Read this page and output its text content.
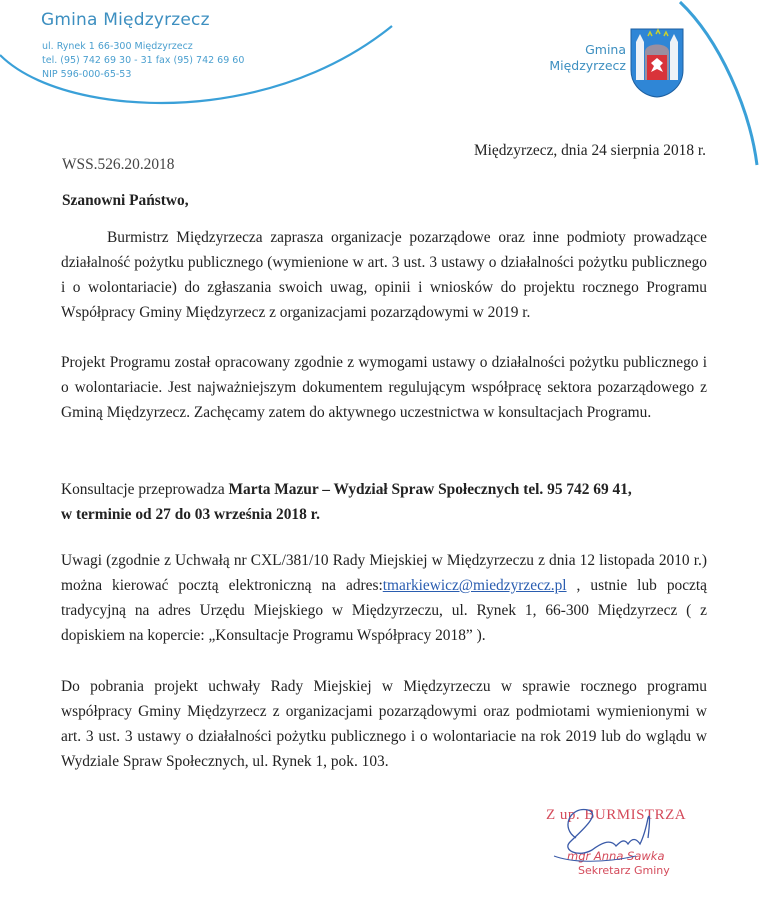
Gmina Międzyrzecz
ul. Rynek 1 66-300 Międzyrzecz
tel. (95) 742 69 30 - 31 fax (95) 742 69 60
NIP 596-000-65-53
Gmina
Międzyrzecz
Międzyrzecz, dnia 24 sierpnia 2018 r.
WSS.526.20.2018
Szanowni Państwo,
Burmistrz Międzyrzecza zaprasza organizacje pozarządowe oraz inne podmioty prowadzące działalność pożytku publicznego (wymienione w art. 3 ust. 3 ustawy o działalności pożytku publicznego i o wolontariacie) do zgłaszania swoich uwag, opinii i wniosków do projektu rocznego Programu Współpracy Gminy Międzyrzecz z organizacjami pozarządowymi w 2019 r.
Projekt Programu został opracowany zgodnie z wymogami ustawy o działalności pożytku publicznego i o wolontariacie. Jest najważniejszym dokumentem regulującym współpracę sektora pozarządowego z Gminą Międzyrzecz. Zachęcamy zatem do aktywnego uczestnictwa w konsultacjach Programu.
Konsultacje przeprowadza Marta Mazur – Wydział Spraw Społecznych tel. 95 742 69 41,
w terminie od 27 do 03 września 2018 r.
Uwagi (zgodnie z Uchwałą nr CXL/381/10 Rady Miejskiej w Międzyrzeczu z dnia 12 listopada 2010 r.) można kierować pocztą elektroniczną na adres:tmarkiewicz@miedzyrzecz.pl , ustnie lub pocztą tradycyjną na adres Urzędu Miejskiego w Międzyrzeczu, ul. Rynek 1, 66-300 Międzyrzecz ( z dopiskiem na kopercie: „Konsultacje Programu Współpracy 2018” ).
Do pobrania projekt uchwały Rady Miejskiej w Międzyrzeczu w sprawie rocznego programu współpracy Gminy Międzyrzecz z organizacjami pozarządowymi oraz podmiotami wymienionymi w art. 3 ust. 3 ustawy o działalności pożytku publicznego i o wolontariacie na rok 2019 lub do wglądu w Wydziale Spraw Społecznych, ul. Rynek 1, pok. 103.
Z up. BURMISTRZA
mgr Anna Sawka
Sekretarz Gminy
